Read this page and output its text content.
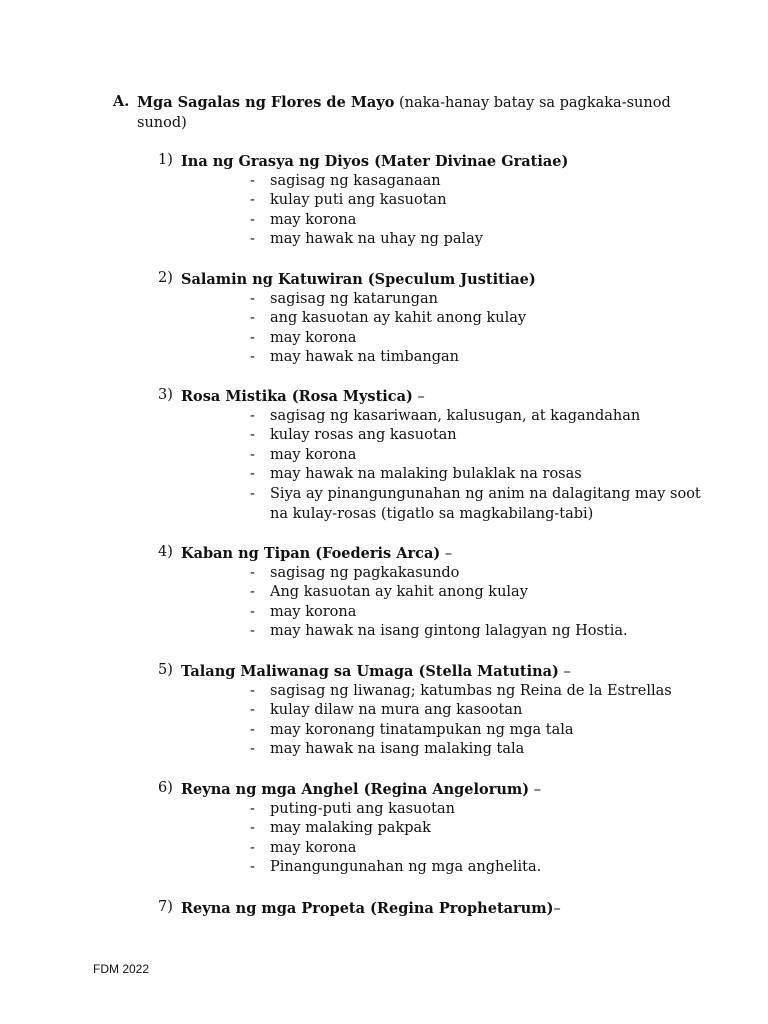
A. Mga Sagalas ng Flores de Mayo (naka-hanay batay sa pagkaka-sunod sunod)
1) Ina ng Grasya ng Diyos (Mater Divinae Gratiae)
- sagisag ng kasaganaan
- kulay puti ang kasuotan
- may korona
- may hawak na uhay ng palay
2) Salamin ng Katuwiran (Speculum Justitiae)
- sagisag ng katarungan
- ang kasuotan ay kahit anong kulay
- may korona
- may hawak na timbangan
3) Rosa Mistika (Rosa Mystica) –
- sagisag ng kasariwaan, kalusugan, at kagandahan
- kulay rosas ang kasuotan
- may korona
- may hawak na malaking bulaklak na rosas
- Siya ay pinangungunahan ng anim na dalagitang may soot na kulay-rosas (tigatlo sa magkabilang-tabi)
4) Kaban ng Tipan (Foederis Arca) –
- sagisag ng pagkakasundo
- Ang kasuotan ay kahit anong kulay
- may korona
- may hawak na isang gintong lalagyan ng Hostia.
5) Talang Maliwanag sa Umaga (Stella Matutina) –
- sagisag ng liwanag; katumbas ng Reina de la Estrellas
- kulay dilaw na mura ang kasootan
- may koronang tinatampukan ng mga tala
- may hawak na isang malaking tala
6) Reyna ng mga Anghel (Regina Angelorum) –
- puting-puti ang kasuotan
- may malaking pakpak
- may korona
- Pinangungunahan ng mga anghelita.
7) Reyna ng mga Propeta (Regina Prophetarum)–
FDM 2022
